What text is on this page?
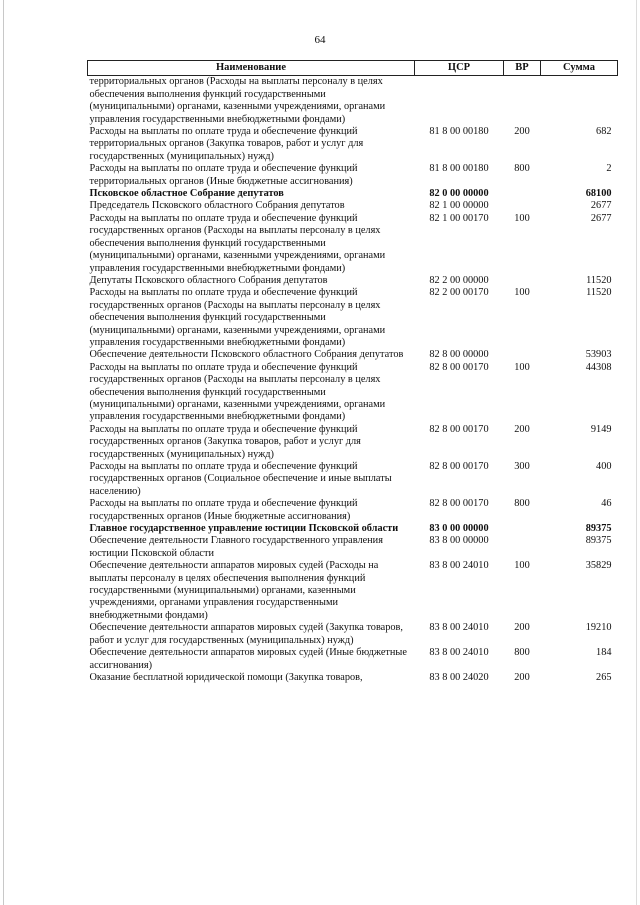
64
Наименование	ЦСР	ВР	Сумма
территориальных органов (Расходы на выплаты персоналу в целях обеспечения выполнения функций государственными (муниципальными) органами, казенными учреждениями, органами управления государственными внебюджетными фондами)			
Расходы на выплаты по оплате труда и обеспечение функций территориальных органов (Закупка товаров, работ и услуг для государственных (муниципальных) нужд)	81 8 00 00180	200	682
Расходы на выплаты по оплате труда и обеспечение функций территориальных органов (Иные бюджетные ассигнования)	81 8 00 00180	800	2
Псковское областное Собрание депутатов	82 0 00 00000		68100
Председатель Псковского областного Собрания депутатов	82 1 00 00000		2677
Расходы на выплаты по оплате труда и обеспечение функций государственных органов (Расходы на выплаты персоналу в целях обеспечения выполнения функций государственными (муниципальными) органами, казенными учреждениями, органами управления государственными внебюджетными фондами)	82 1 00 00170	100	2677
Депутаты Псковского областного Собрания депутатов	82 2 00 00000		11520
Расходы на выплаты по оплате труда и обеспечение функций государственных органов (Расходы на выплаты персоналу в целях обеспечения выполнения функций государственными (муниципальными) органами, казенными учреждениями, органами управления государственными внебюджетными фондами)	82 2 00 00170	100	11520
Обеспечение деятельности Псковского областного Собрания депутатов	82 8 00 00000		53903
Расходы на выплаты по оплате труда и обеспечение функций государственных органов (Расходы на выплаты персоналу в целях обеспечения выполнения функций государственными (муниципальными) органами, казенными учреждениями, органами управления государственными внебюджетными фондами)	82 8 00 00170	100	44308
Расходы на выплаты по оплате труда и обеспечение функций государственных органов (Закупка товаров, работ и услуг для государственных (муниципальных) нужд)	82 8 00 00170	200	9149
Расходы на выплаты по оплате труда и обеспечение функций государственных органов (Социальное обеспечение и иные выплаты населению)	82 8 00 00170	300	400
Расходы на выплаты по оплате труда и обеспечение функций государственных органов (Иные бюджетные ассигнования)	82 8 00 00170	800	46
Главное государственное управление юстиции Псковской области	83 0 00 00000		89375
Обеспечение деятельности Главного государственного управления юстиции Псковской области	83 8 00 00000		89375
Обеспечение деятельности аппаратов мировых судей (Расходы на выплаты персоналу в целях обеспечения выполнения функций государственными (муниципальными) органами, казенными учреждениями, органами управления государственными внебюджетными фондами)	83 8 00 24010	100	35829
Обеспечение деятельности аппаратов мировых судей (Закупка товаров, работ и услуг для государственных (муниципальных) нужд)	83 8 00 24010	200	19210
Обеспечение деятельности аппаратов мировых судей (Иные бюджетные ассигнования)	83 8 00 24010	800	184
Оказание бесплатной юридической помощи (Закупка товаров,	83 8 00 24020	200	265
